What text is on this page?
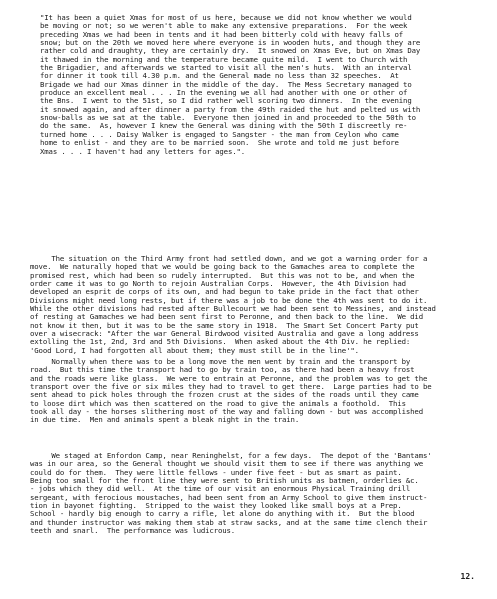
"It has been a quiet Xmas for most of us here, because we did not know whether we would
be moving or not; so we weren't able to make any extensive preparations.  For the week
preceding Xmas we had been in tents and it had been bitterly cold with heavy falls of
snow; but on the 20th we moved here where everyone is in wooden huts, and though they are
rather cold and draughty, they are certainly dry.  It snowed on Xmas Eve, but on Xmas Day
it thawed in the morning and the temperature became quite mild.  I went to Church with
the Brigadier, and afterwards we started to visit all the men's huts.  With an interval
for dinner it took till 4.30 p.m. and the General made no less than 32 speeches.  At
Brigade we had our Xmas dinner in the middle of the day.  The Mess Secretary managed to
produce an excellent meal . . . In the evening we all had another with one or other of
the Bns.  I went to the 51st, so I did rather well scoring two dinners.  In the evening
it snowed again, and after dinner a party from the 49th raided the hut and pelted us with
snow-balls as we sat at the table.  Everyone then joined in and proceeded to the 50th to
do the same.  As, however I knew the General was dining with the 50th I discreetly re-
turned home . . . Daisy Walker is engaged to Sangster - the man from Ceylon who came
home to enlist - and they are to be married soon.  She wrote and told me just before
Xmas . . . I haven't had any letters for ages.".
The situation on the Third Army front had settled down, and we got a warning order for a
move.  We naturally hoped that we would be going back to the Gamaches area to complete the
promised rest, which had been so rudely interrupted.  But this was not to be, and when the
order came it was to go North to rejoin Australian Corps.  However, the 4th Division had
developed an esprit de corps of its own, and had begun to take pride in the fact that other
Divisions might need long rests, but if there was a job to be done the 4th was sent to do it.
While the other divisions had rested after Bullecourt we had been sent to Messines, and instead
of resting at Gamaches we had been sent first to Peronne, and then back to the line.  We did
not know it then, but it was to be the same story in 1918.  The Smart Set Concert Party put
over a wisecrack: "After the war General Birdwood visited Australia and gave a long address
extolling the 1st, 2nd, 3rd and 5th Divisions.  When asked about the 4th Div. he replied:
'Good Lord, I had forgotten all about them; they must still be in the line'".
Normally when there was to be a long move the men went by train and the transport by
road.  But this time the transport had to go by train too, as there had been a heavy frost
and the roads were like glass.  We were to entrain at Peronne, and the problem was to get the
transport over the five or six miles they had to travel to get there.  Large parties had to be
sent ahead to pick holes through the frozen crust at the sides of the roads until they came
to loose dirt which was then scattered on the road to give the animals a foothold.  This
took all day - the horses slithering most of the way and falling down - but was accomplished
in due time.  Men and animals spent a bleak night in the train.
We staged at Enfordon Camp, near Reninghelst, for a few days.  The depot of the 'Bantams'
was in our area, so the General thought we should visit them to see if there was anything we
could do for them.  They were little fellows - under five feet - but as smart as paint.
Being too small for the front line they were sent to British units as batmen, orderlies &c.
- jobs which they did well.  At the time of our visit an enormous Physical Training drill
sergeant, with ferocious moustaches, had been sent from an Army School to give them instruct-
tion in bayonet fighting.  Stripped to the waist they looked like small boys at a Prep.
School - hardly big enough to carry a rifle, let alone do anything with it.  But the blood
and thunder instructor was making them stab at straw sacks, and at the same time clench their
teeth and snarl.  The performance was ludicrous.
12.
